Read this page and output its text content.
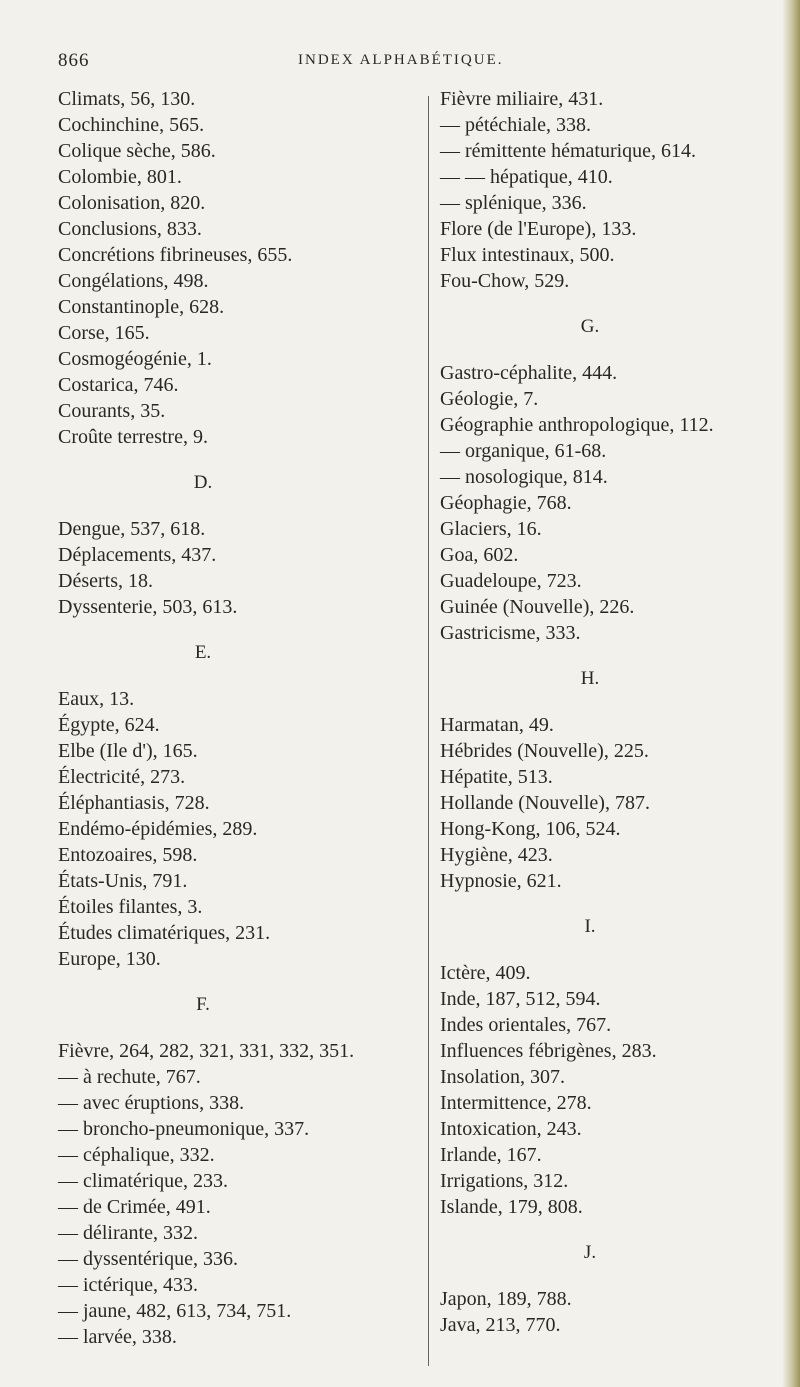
866	INDEX ALPHABÉTIQUE.
Climats, 56, 130.
Cochinchine, 565.
Colique sèche, 586.
Colombie, 801.
Colonisation, 820.
Conclusions, 833.
Concrétions fibrineuses, 655.
Congélations, 498.
Constantinople, 628.
Corse, 165.
Cosmogéogénie, 1.
Costarica, 746.
Courants, 35.
Croûte terrestre, 9.
D.
Dengue, 537, 618.
Déplacements, 437.
Déserts, 18.
Dyssenterie, 503, 613.
E.
Eaux, 13.
Égypte, 624.
Elbe (Ile d'), 165.
Électricité, 273.
Éléphantiasis, 728.
Endémo-épidémies, 289.
Entozoaires, 598.
États-Unis, 791.
Étoiles filantes, 3.
Études climatériques, 231.
Europe, 130.
F.
Fièvre, 264, 282, 321, 331, 332, 351.
— à rechute, 767.
— avec éruptions, 338.
— broncho-pneumonique, 337.
— céphalique, 332.
— climatérique, 233.
— de Crimée, 491.
— délirante, 332.
— dyssentérique, 336.
— ictérique, 433.
— jaune, 482, 613, 734, 751.
— larvée, 338.
Fièvre miliaire, 431.
— pétéchiale, 338.
— rémittente hématurique, 614.
— — hépatique, 410.
— splénique, 336.
Flore (de l'Europe), 133.
Flux intestinaux, 500.
Fou-Chow, 529.
G.
Gastro-céphalite, 444.
Géologie, 7.
Géographie anthropologique, 112.
— organique, 61-68.
— nosologique, 814.
Géophagie, 768.
Glaciers, 16.
Goa, 602.
Guadeloupe, 723.
Guinée (Nouvelle), 226.
Gastricisme, 333.
H.
Harmatan, 49.
Hébrides (Nouvelle), 225.
Hépatite, 513.
Hollande (Nouvelle), 787.
Hong-Kong, 106, 524.
Hygiène, 423.
Hypnosie, 621.
I.
Ictère, 409.
Inde, 187, 512, 594.
Indes orientales, 767.
Influences fébrigènes, 283.
Insolation, 307.
Intermittence, 278.
Intoxication, 243.
Irlande, 167.
Irrigations, 312.
Islande, 179, 808.
J.
Japon, 189, 788.
Java, 213, 770.
